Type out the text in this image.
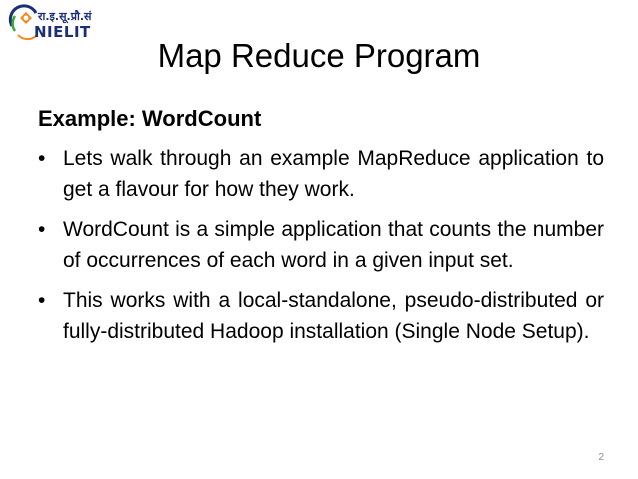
रा.इ.सू.प्रौ.सं
NIELIT
Map Reduce Program
Example: WordCount
• Lets walk through an example MapReduce application to get a flavour for how they work.
• WordCount is a simple application that counts the number of occurrences of each word in a given input set.
• This works with a local-standalone, pseudo-distributed or fully-distributed Hadoop installation (Single Node Setup).
2
